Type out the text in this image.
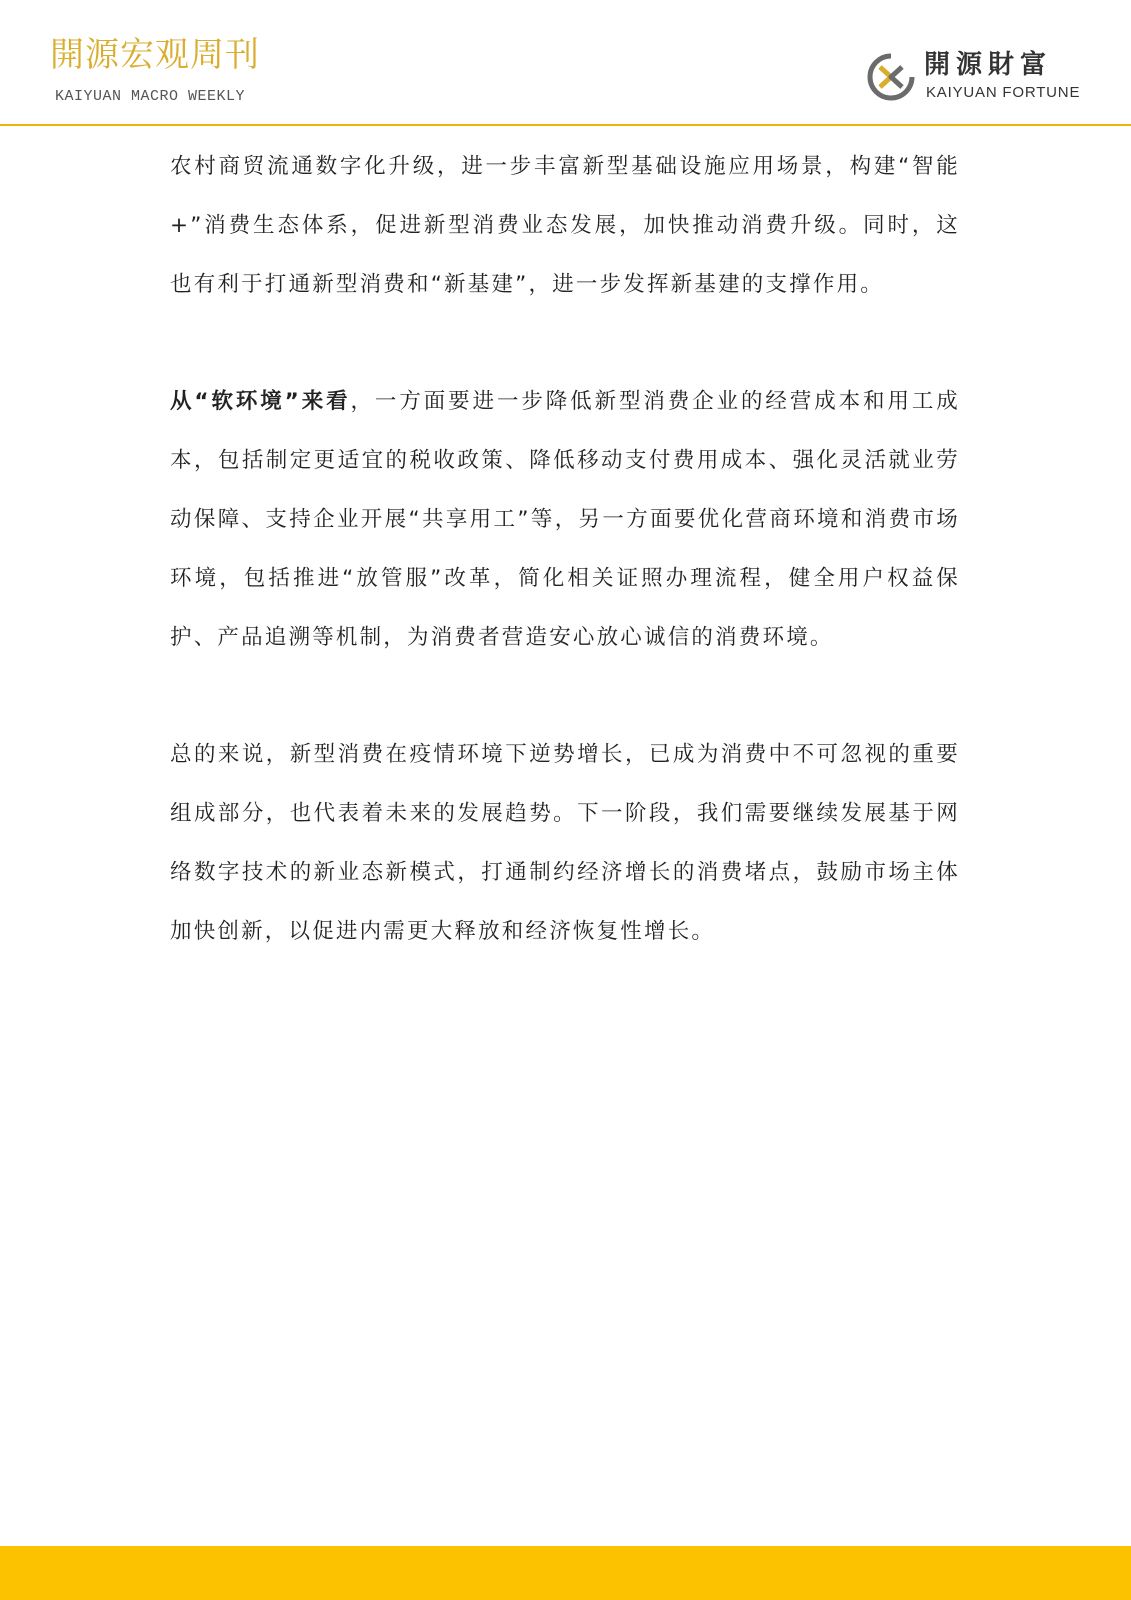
開源宏观周刊
KAIYUAN MACRO WEEKLY
開源財富
KAIYUAN FORTUNE

农村商贸流通数字化升级，进一步丰富新型基础设施应用场景，构建“智能+”消费生态体系，促进新型消费业态发展，加快推动消费升级。同时，这也有利于打通新型消费和“新基建”，进一步发挥新基建的支撑作用。

从“软环境”来看，一方面要进一步降低新型消费企业的经营成本和用工成本，包括制定更适宜的税收政策、降低移动支付费用成本、强化灵活就业劳动保障、支持企业开展“共享用工”等，另一方面要优化营商环境和消费市场环境，包括推进“放管服”改革，简化相关证照办理流程，健全用户权益保护、产品追溯等机制，为消费者营造安心放心诚信的消费环境。

总的来说，新型消费在疫情环境下逆势增长，已成为消费中不可忽视的重要组成部分，也代表着未来的发展趋势。下一阶段，我们需要继续发展基于网络数字技术的新业态新模式，打通制约经济增长的消费堵点，鼓励市场主体加快创新，以促进内需更大释放和经济恢复性增长。
